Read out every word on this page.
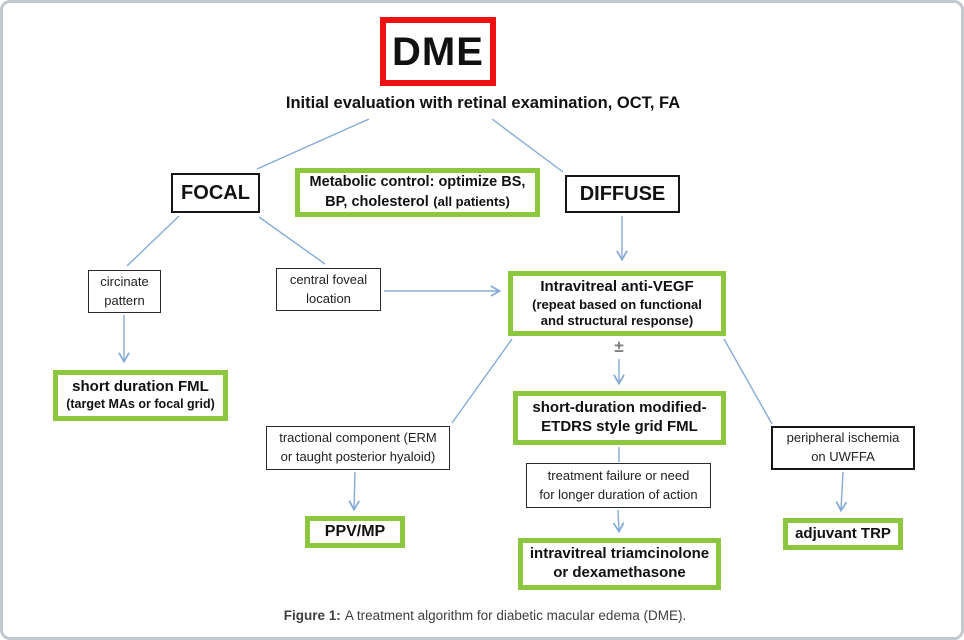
DME
Initial evaluation with retinal examination, OCT, FA
FOCAL	Metabolic control: optimize BS,
BP, cholesterol (all patients)	DIFFUSE
circinate
pattern
central foveal
location
Intravitreal anti-VEGF
(repeat based on functional
and structural response)
±
short duration FML
(target MAs or focal grid)
tractional component (ERM
or taught posterior hyaloid)
PPV/MP
short-duration modified-
ETDRS style grid FML
treatment failure or need
for longer duration of action
intravitreal triamcinolone
or dexamethasone
peripheral ischemia
on UWFFA
adjuvant TRP
Figure 1: A treatment algorithm for diabetic macular edema (DME).
